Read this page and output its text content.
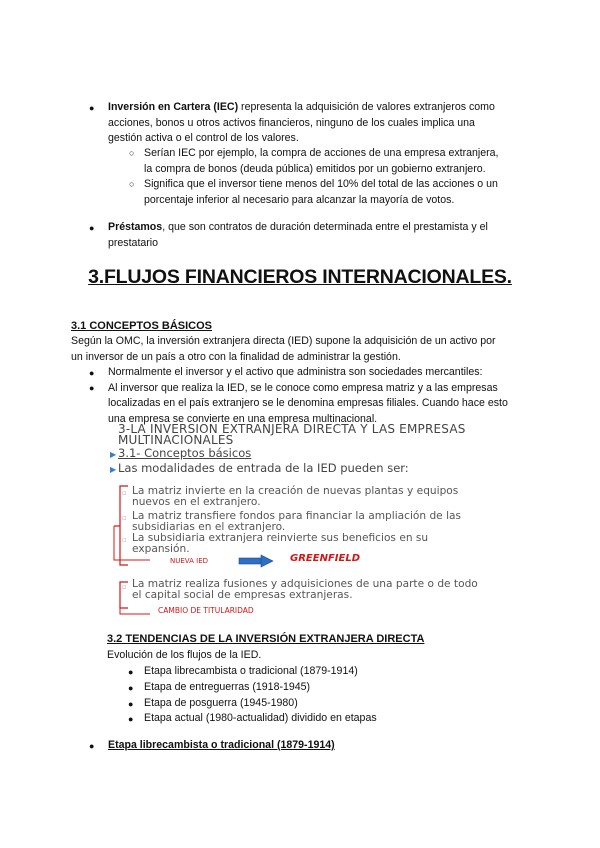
● Inversión en Cartera (IEC) representa la adquisición de valores extranjeros como
acciones, bonos u otros activos financieros, ninguno de los cuales implica una
gestión activa o el control de los valores.
○ Serían IEC por ejemplo, la compra de acciones de una empresa extranjera,
la compra de bonos (deuda pública) emitidos por un gobierno extranjero.
○ Significa que el inversor tiene menos del 10% del total de las acciones o un
porcentaje inferior al necesario para alcanzar la mayoría de votos.
● Préstamos, que son contratos de duración determinada entre el prestamista y el
prestatario
3.FLUJOS FINANCIEROS INTERNACIONALES.
3.1 CONCEPTOS BÁSICOS
Según la OMC, la inversión extranjera directa (IED) supone la adquisición de un activo por
un inversor de un país a otro con la finalidad de administrar la gestión.
● Normalmente el inversor y el activo que administra son sociedades mercantiles:
● Al inversor que realiza la IED, se le conoce como empresa matriz y a las empresas
localizadas en el país extranjero se le denomina empresas filiales. Cuando hace esto
una empresa se convierte en una empresa multinacional.
3-LA INVERSION EXTRANJERA DIRECTA Y LAS EMPRESAS
MULTINACIONALES
▶ 3.1- Conceptos básicos
▶ Las modalidades de entrada de la IED pueden ser:
▫ La matriz invierte en la creación de nuevas plantas y equipos
nuevos en el extranjero.
▫ La matriz transfiere fondos para financiar la ampliación de las
subsidiarias en el extranjero.
▫ La subsidiaria extranjera reinvierte sus beneficios en su
expansión.
NUEVA IED	GREENFIELD
▫ La matriz realiza fusiones y adquisiciones de una parte o de todo
el capital social de empresas extranjeras.
CAMBIO DE TITULARIDAD
3.2 TENDENCIAS DE LA INVERSIÓN EXTRANJERA DIRECTA
Evolución de los flujos de la IED.
● Etapa librecambista o tradicional (1879-1914)
● Etapa de entreguerras (1918-1945)
● Etapa de posguerra (1945-1980)
● Etapa actual (1980-actualidad) dividido en etapas
● Etapa librecambista o tradicional (1879-1914)
